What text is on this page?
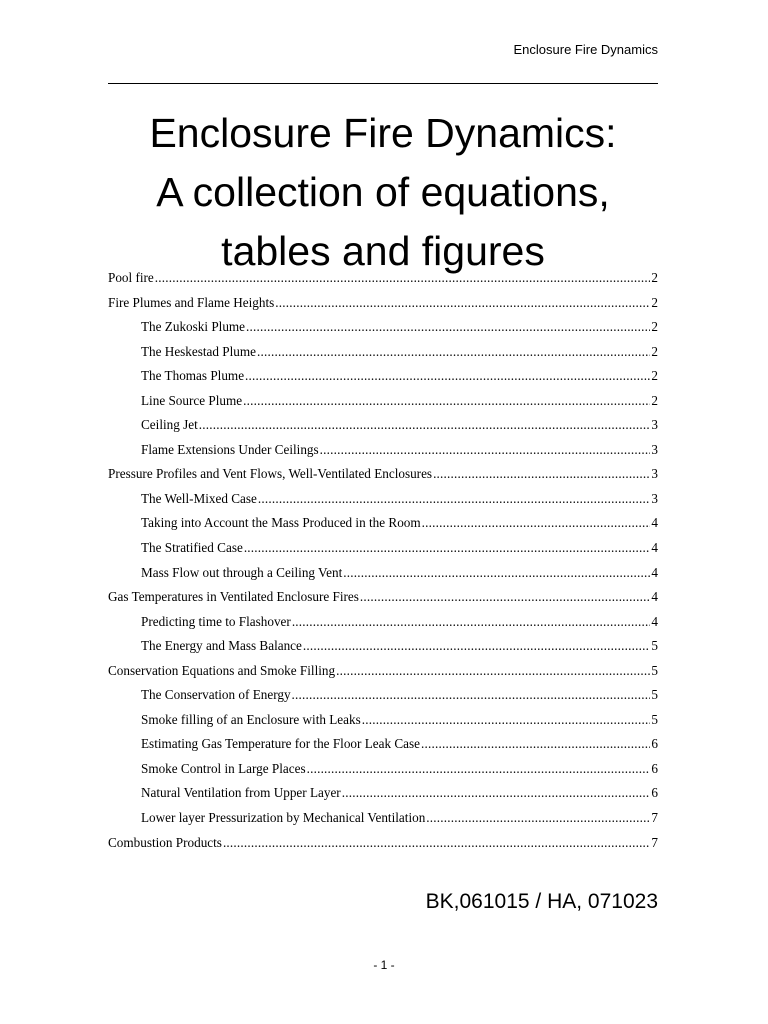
Enclosure Fire Dynamics
Enclosure Fire Dynamics:
A collection of equations,
tables and figures
Pool fire .....	2
Fire Plumes and Flame Heights .....	2
The Zukoski Plume .....	2
The Heskestad Plume .....	2
The Thomas Plume .....	2
Line Source Plume .....	2
Ceiling Jet .....	3
Flame Extensions Under Ceilings .....	3
Pressure Profiles and Vent Flows, Well-Ventilated Enclosures .....	3
The Well-Mixed Case .....	3
Taking into Account the Mass Produced in the Room .....	4
The Stratified Case .....	4
Mass Flow out through a Ceiling Vent .....	4
Gas Temperatures in Ventilated Enclosure Fires .....	4
Predicting time to Flashover .....	4
The Energy and Mass Balance .....	5
Conservation Equations and Smoke Filling .....	5
The Conservation of Energy .....	5
Smoke filling of an Enclosure with Leaks .....	5
Estimating Gas Temperature for the Floor Leak Case .....	6
Smoke Control in Large Places .....	6
Natural Ventilation from Upper Layer .....	6
Lower layer Pressurization by Mechanical Ventilation .....	7
Combustion Products .....	7
BK,061015 / HA, 071023
- 1 -
